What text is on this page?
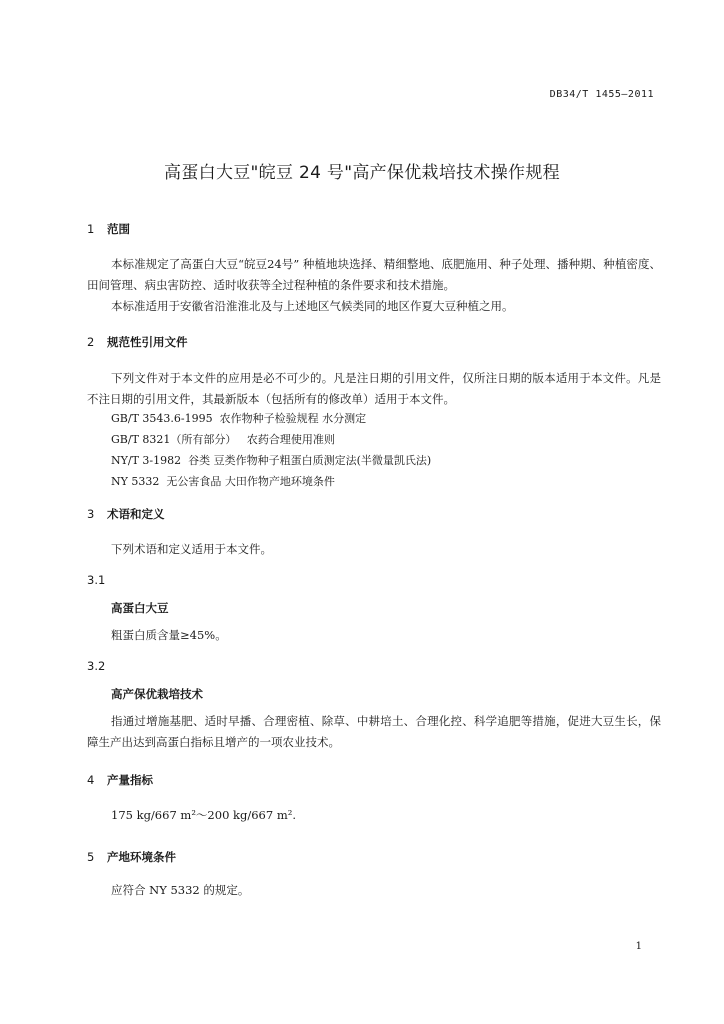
DB34/T 1455—2011
高蛋白大豆"皖豆 24 号"高产保优栽培技术操作规程
1 范围
本标准规定了高蛋白大豆“皖豆24号” 种植地块选择、精细整地、底肥施用、种子处理、播种期、种植密度、田间管理、病虫害防控、适时收获等全过程种植的条件要求和技术措施。
本标准适用于安徽省沿淮淮北及与上述地区气候类同的地区作夏大豆种植之用。
2 规范性引用文件
下列文件对于本文件的应用是必不可少的。凡是注日期的引用文件，仅所注日期的版本适用于本文件。凡是不注日期的引用文件，其最新版本（包括所有的修改单）适用于本文件。
GB/T 3543.6-1995  农作物种子检验规程 水分测定
GB/T 8321（所有部分）   农药合理使用准则
NY/T 3-1982  谷类 豆类作物种子粗蛋白质测定法(半微量凯氏法)
NY 5332  无公害食品 大田作物产地环境条件
3 术语和定义
下列术语和定义适用于本文件。
3.1
高蛋白大豆
粗蛋白质含量≥45%。
3.2
高产保优栽培技术
指通过增施基肥、适时早播、合理密植、除草、中耕培土、合理化控、科学追肥等措施，促进大豆生长，保障生产出达到高蛋白指标且增产的一项农业技术。
4 产量指标
175 kg/667 m²～200 kg/667 m².
5 产地环境条件
应符合 NY 5332 的规定。
1
